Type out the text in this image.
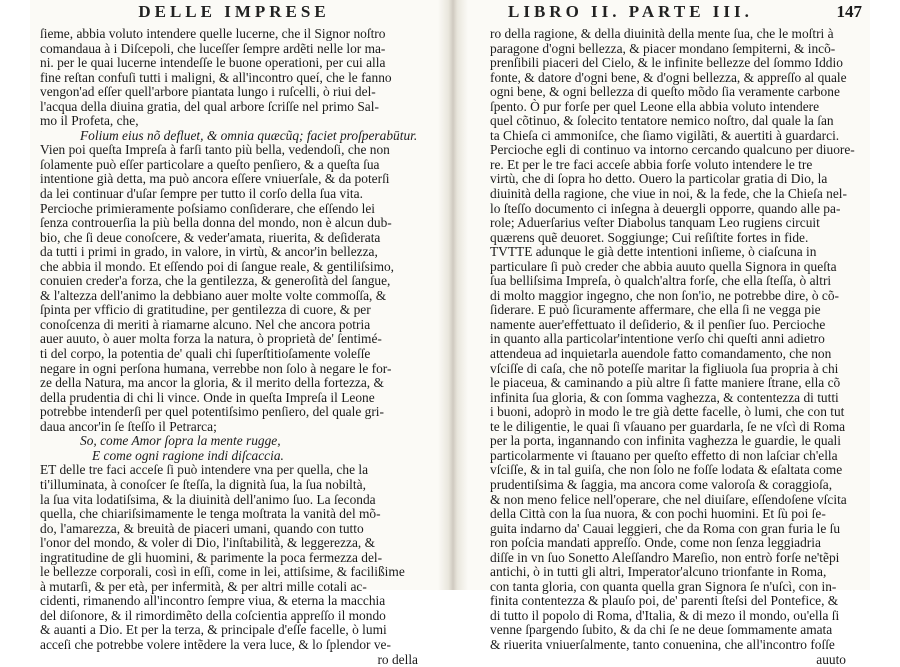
DELLE IMPRESE
ſieme, abbia voluto intendere quelle lucerne, che il Signor noſtro
comandaua à i Diſcepoli, che luceſſer ſempre ardẽti nelle lor ma-
ni. per le quai lucerne intendeſſe le buone operationi, per cui alla
fine reſtan confuſi tutti i maligni, & all'incontro queí, che le fanno
vengon'ad eſſer quell'arbore piantata lungo i ruſcelli, ò riui del-
l'acqua della diuina gratia, del qual arbore ſcriſſe nel primo Sal-
mo il Profeta, che,
Folium eius nõ defluet, & omnia quæcũq; faciet proſperabūtur.
Vien poi queſta Impreſa à farſi tanto più bella, vedendoſi, che non
ſolamente può eſſer particolare a queſto penſiero, & a queſta ſua
intentione già detta, ma può ancora eſſere vniuerſale, & da poterſi
da lei continuar d'uſar ſempre per tutto il corſo della ſua vita.
Percioche primieramente poſsiamo conſiderare, che eſſendo lei
ſenza controuerſia la più bella donna del mondo, non è alcun dub-
bio, che ſi deue conoſcere, & veder'amata, riuerita, & deſiderata
da tutti i primi in grado, in valore, in virtù, & ancor'in bellezza,
che abbia il mondo. Et eſſendo poi di ſangue reale, & gentiliſsimo,
conuien creder'a forza, che la gentilezza, & generoſità del ſangue,
& l'altezza dell'animo la debbiano auer molte volte commoſſa, &
ſpinta per vfficio di gratitudine, per gentilezza di cuore, & per
conoſcenza di meriti à riamarne alcuno. Nel che ancora potria
auer auuto, ò auer molta forza la natura, ò proprietà de' ſentimé-
ti del corpo, la potentia de' quali chi ſuperſtitioſamente voleſſe
negare in ogni perſona humana, verrebbe non ſolo à negare le for-
ze della Natura, ma ancor la gloria, & il merito della fortezza, &
della prudentia di chi li vince. Onde in queſta Impreſa il Leone
potrebbe intenderſi per quel potentiſsimo penſiero, del quale gri-
daua ancor'in ſe ſteſſo il Petrarca;
So, come Amor ſopra la mente rugge,
E come ogni ragione indi diſcaccia.
ET delle tre faci acceſe ſi può intendere vna per quella, che la
ti'illuminata, à conoſcer ſe ſteſſa, la dignità ſua, la ſua nobiltà,
la ſua vita lodatiſsima, & la diuinità dell'animo ſuo. La ſeconda
quella, che chiariſsimamente le tenga moſtrata la vanità del mõ-
do, l'amarezza, & breuità de piaceri umani, quando con tutto
l'onor del mondo, & voler di Dio, l'inſtabilità, & leggerezza, &
ingratitudine de gli huomini, & parimente la poca fermezza del-
le bellezze corporali, così in eſſi, come in lei, attiſsime, & facilißime
à mutarſi, & per età, per infermità, & per altri mille cotali ac-
cidenti, rimanendo all'incontro ſempre viua, & eterna la macchia
del diſonore, & il rimordimẽto della coſcientia appreſſo il mondo
& auanti a Dio. Et per la terza, & principale d'eſſe facelle, ò lumi
acceſi che potrebbe volere intẽdere la vera luce, & lo ſplendor ve-
ro della
LIBRO II. PARTE III.	147
ro della ragione, & della diuinità della mente ſua, che le moſtri à
paragone d'ogni bellezza, & piacer mondano ſempiterni, & incõ-
prenſibili piaceri del Cielo, & le infinite bellezze del ſommo Iddio
fonte, & datore d'ogni bene, & d'ogni bellezza, & appreſſo al quale
ogni bene, & ogni bellezza di queſto mõdo ſia veramente carbone
ſpento. Ò pur forſe per quel Leone ella abbia voluto intendere
quel cõtinuo, & ſolecito tentatore nemico noſtro, dal quale la ſan
ta Chieſa ci ammoniſce, che ſiamo vigilãti, & auertiti à guardarci.
Percioche egli di continuo va intorno cercando qualcuno per diuore-
re. Et per le tre faci acceſe abbia forſe voluto intendere le tre
virtù, che di ſopra ho detto. Ouero la particolar gratia di Dio, la
diuinità della ragione, che viue in noi, & la fede, che la Chieſa nel-
lo ſteſſo documento ci inſegna à deuergli opporre, quando alle pa-
role; Aduerſarius veſter Diabolus tanquam Leo rugiens circuit
quærens quẽ deuoret. Soggiunge; Cui reſiſtite fortes in fide.
TVTTE adunque le già dette intentioni inſieme, ò ciaſcuna in
particulare ſi può creder che abbia auuto quella Signora in queſta
ſua belliſsima Impreſa, ò qualch'altra forſe, che ella ſteſſa, ò altri
di molto maggior ingegno, che non ſon'io, ne potrebbe dire, ò cõ-
ſiderare. E può ſicuramente affermare, che ella ſi ne vegga pie
namente auer'effettuato il deſiderio, & il penſier ſuo. Percioche
in quanto alla particolar'intentione verſo chi queſti anni adietro
attendeua ad inquietarla auendole fatto comandamento, che non
vſciſſe di caſa, che nõ poteſſe maritar la figliuola ſua propria à chi
le piaceua, & caminando a più altre ſi fatte maniere ſtrane, ella cõ
infinita ſua gloria, & con ſomma vaghezza, & contentezza di tutti
i buoni, adoprò in modo le tre già dette facelle, ò lumi, che con tut
te le diligentie, le quai ſi vſauano per guardarla, ſe ne vſcì di Roma
per la porta, ingannando con infinita vaghezza le guardie, le quali
particolarmente vi ſtauano per queſto effetto di non laſciar ch'ella
vſciſſe, & in tal guiſa, che non ſolo ne foſſe lodata & eſaltata come
prudentiſsima & ſaggia, ma ancora come valoroſa & coraggioſa,
& non meno felice nell'operare, che nel diuiſare, eſſendoſene vſcita
della Città con la ſua nuora, & con pochi huomini. Et ſù poi ſe-
guita indarno da' Cauai leggieri, che da Roma con gran furia le ſu
ron poſcia mandati appreſſo. Onde, come non ſenza leggiadria
diſſe in vn ſuo Sonetto Aleſſandro Mareſio, non entrò forſe ne'tẽpi
antichi, ò in tutti gli altri, Imperator'alcuno trionfante in Roma,
con tanta gloria, con quanta quella gran Signora ſe n'uſcì, con in-
finita contentezza & plauſo poi, de' parenti ſteſsi del Pontefice, &
di tutto il popolo di Roma, d'Italia, & di mezo il mondo, ou'ella ſi
venne ſpargendo ſubito, & da chi ſe ne deue ſommamente amata
& riuerita vniuerſalmente, tanto conuenina, che all'incontro foſſe
auuto
